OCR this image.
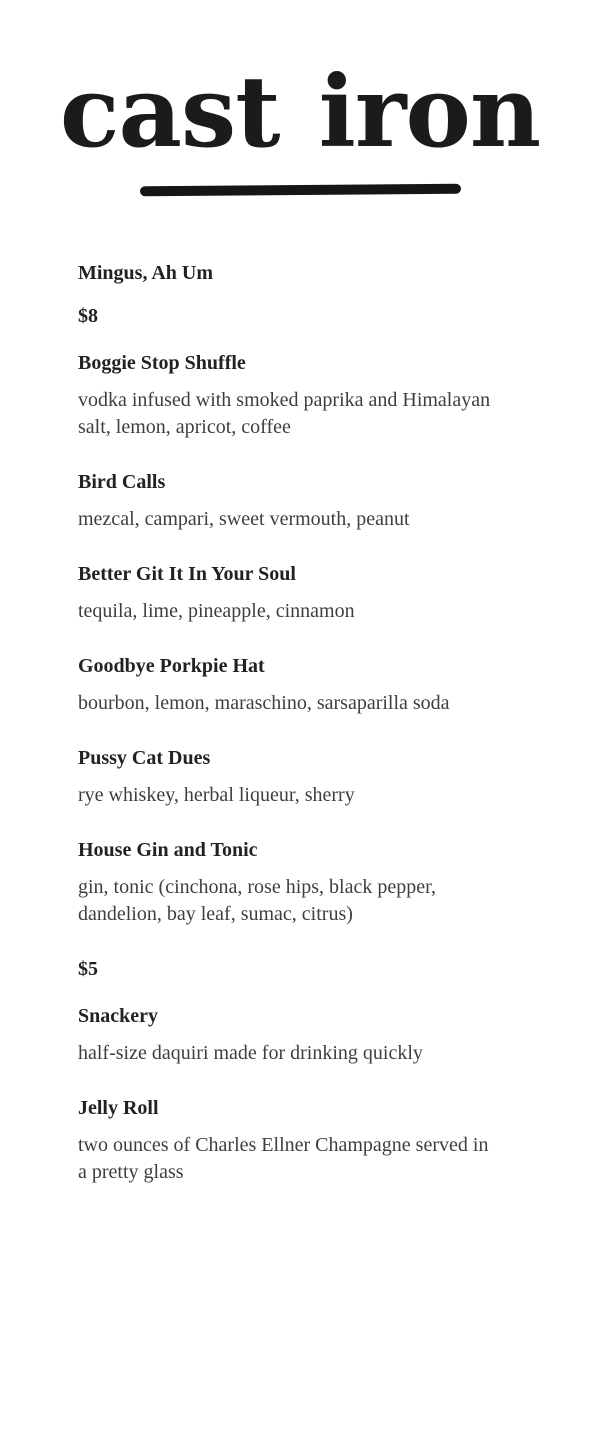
cast iron

Mingus, Ah Um

$8

Boggie Stop Shuffle

vodka infused with smoked paprika and Himalayan salt, lemon, apricot, coffee

Bird Calls

mezcal, campari, sweet vermouth, peanut

Better Git It In Your Soul

tequila, lime, pineapple, cinnamon

Goodbye Porkpie Hat

bourbon, lemon, maraschino, sarsaparilla soda

Pussy Cat Dues

rye whiskey, herbal liqueur, sherry

House Gin and Tonic

gin, tonic (cinchona, rose hips, black pepper, dandelion, bay leaf, sumac, citrus)

$5

Snackery

half-size daquiri made for drinking quickly

Jelly Roll

two ounces of Charles Ellner Champagne served in a pretty glass
